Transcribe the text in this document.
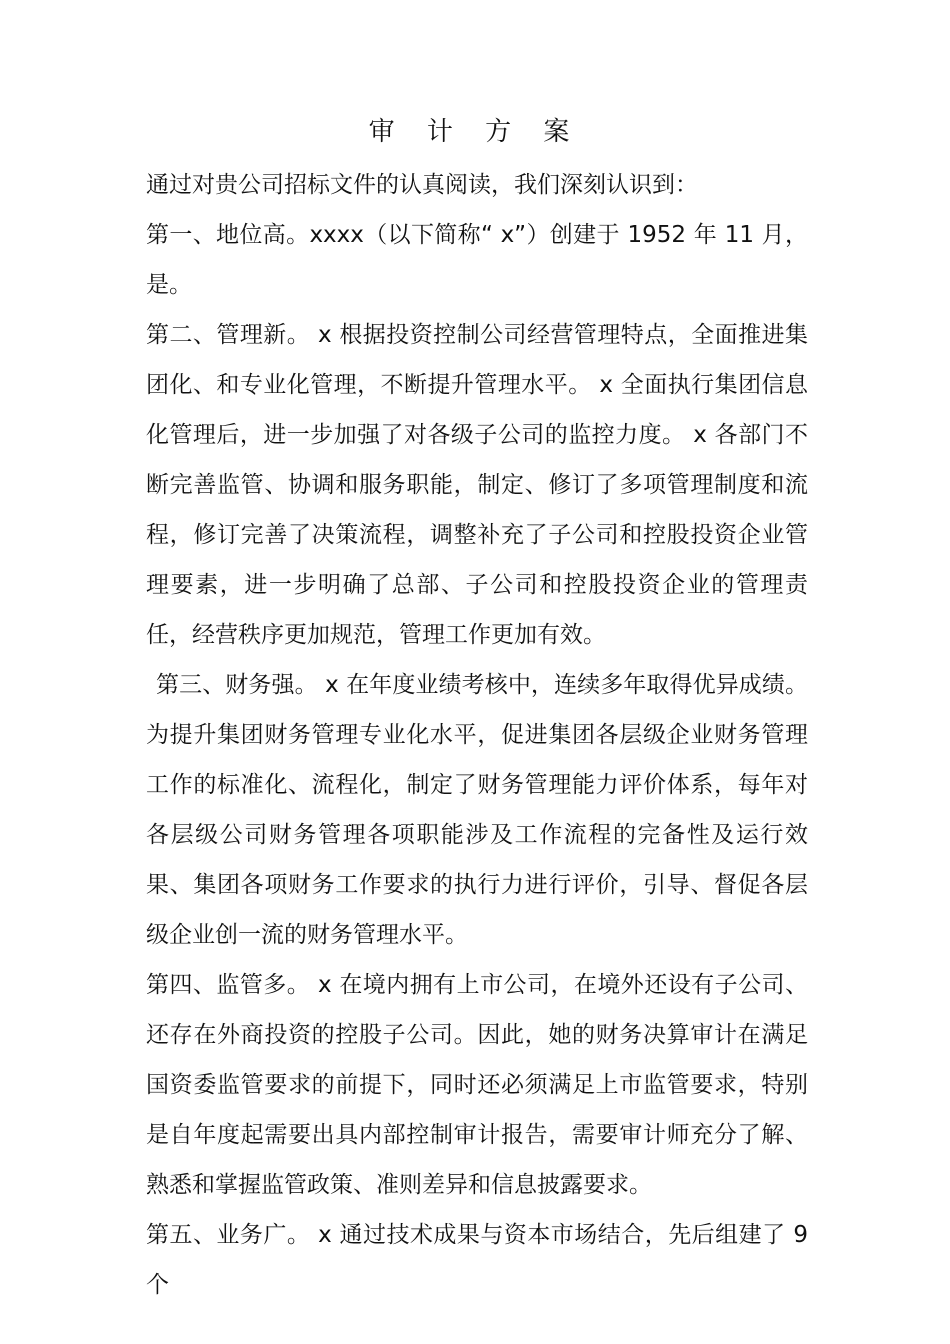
审 计 方 案

通过对贵公司招标文件的认真阅读，我们深刻认识到：

第一、地位高。xxxx（以下简称“ x”）创建于 1952 年 11 月，是。

第二、管理新。 x 根据投资控制公司经营管理特点，全面推进集团化、和专业化管理，不断提升管理水平。 x 全面执行集团信息化管理后，进一步加强了对各级子公司的监控力度。 x 各部门不断完善监管、协调和服务职能，制定、修订了多项管理制度和流程，修订完善了决策流程，调整补充了子公司和控股投资企业管理要素，进一步明确了总部、子公司和控股投资企业的管理责任，经营秩序更加规范，管理工作更加有效。

第三、财务强。 x 在年度业绩考核中，连续多年取得优异成绩。为提升集团财务管理专业化水平，促进集团各层级企业财务管理工作的标准化、流程化，制定了财务管理能力评价体系，每年对各层级公司财务管理各项职能涉及工作流程的完备性及运行效果、集团各项财务工作要求的执行力进行评价，引导、督促各层级企业创一流的财务管理水平。

第四、监管多。 x 在境内拥有上市公司，在境外还设有子公司、还存在外商投资的控股子公司。因此，她的财务决算审计在满足国资委监管要求的前提下，同时还必须满足上市监管要求，特别是自年度起需要出具内部控制审计报告，需要审计师充分了解、熟悉和掌握监管政策、准则差异和信息披露要求。

第五、业务广。 x 通过技术成果与资本市场结合，先后组建了 9 个
